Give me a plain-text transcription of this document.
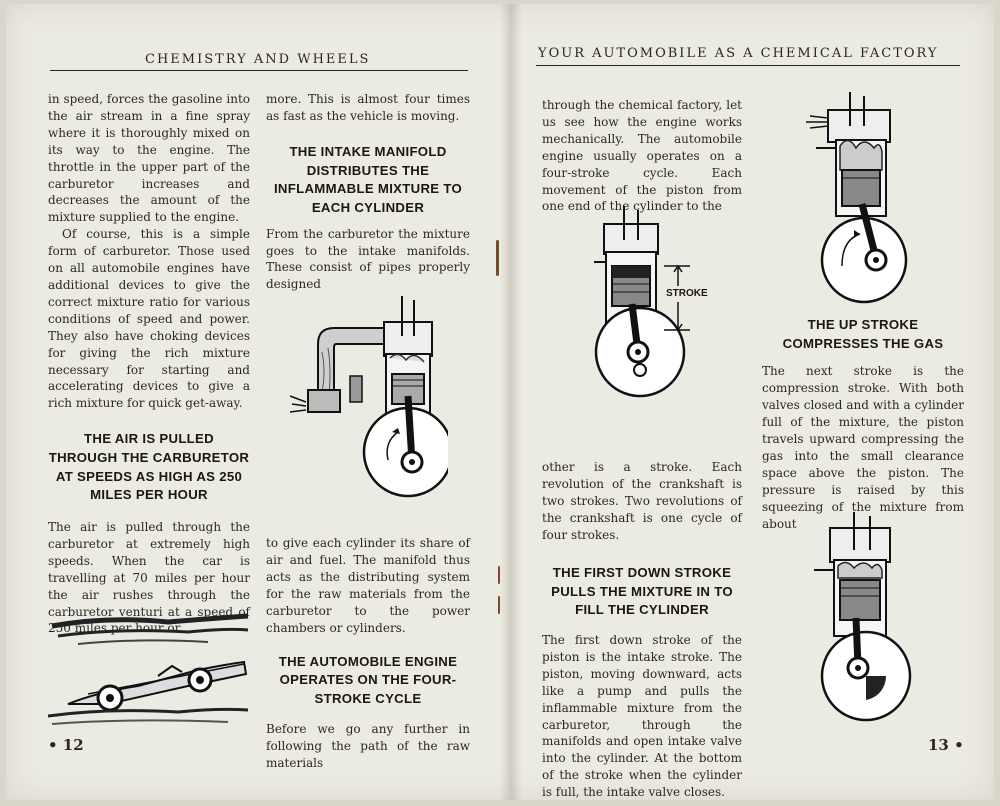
CHEMISTRY AND WHEELS

in speed, forces the gasoline into the air stream in a fine spray where it is thoroughly mixed on its way to the engine. The throttle in the upper part of the carburetor increases and decreases the amount of the mixture supplied to the engine.

Of course, this is a simple form of carburetor. Those used on all automobile engines have additional devices to give the correct mixture ratio for various conditions of speed and power. They also have choking devices for giving the rich mixture necessary for starting and accelerating devices to give a rich mixture for quick get-away.

THE AIR IS PULLED THROUGH THE CARBURETOR AT SPEEDS AS HIGH AS 250 MILES PER HOUR

The air is pulled through the carburetor at extremely high speeds. When the car is travelling at 70 miles per hour the air rushes through the carburetor venturi at a speed of 250 miles per hour or

more. This is almost four times as fast as the vehicle is moving.

THE INTAKE MANIFOLD DISTRIBUTES THE INFLAMMABLE MIXTURE TO EACH CYLINDER

From the carburetor the mixture goes to the intake manifolds. These consist of pipes properly designed

to give each cylinder its share of air and fuel. The manifold thus acts as the distributing system for the raw materials from the carburetor to the power chambers or cylinders.

THE AUTOMOBILE ENGINE OPERATES ON THE FOUR-STROKE CYCLE

Before we go any further in following the path of the raw materials

• 12
YOUR AUTOMOBILE AS A CHEMICAL FACTORY

through the chemical factory, let us see how the engine works mechanically. The automobile engine usually operates on a four-stroke cycle. Each movement of the piston from one end of the cylinder to the

other is a stroke. Each revolution of the crankshaft is two strokes. Two revolutions of the crankshaft is one cycle of four strokes.

THE FIRST DOWN STROKE PULLS THE MIXTURE IN TO FILL THE CYLINDER

The first down stroke of the piston is the intake stroke. The piston, moving downward, acts like a pump and pulls the inflammable mixture from the carburetor, through the manifolds and open intake valve into the cylinder. At the bottom of the stroke when the cylinder is full, the intake valve closes.

STROKE
THE UP STROKE COMPRESSES THE GAS

The next stroke is the compression stroke. With both valves closed and with a cylinder full of the mixture, the piston travels upward compressing the gas into the small clearance space above the piston. The pressure is raised by this squeezing of the mixture from about

13 •
